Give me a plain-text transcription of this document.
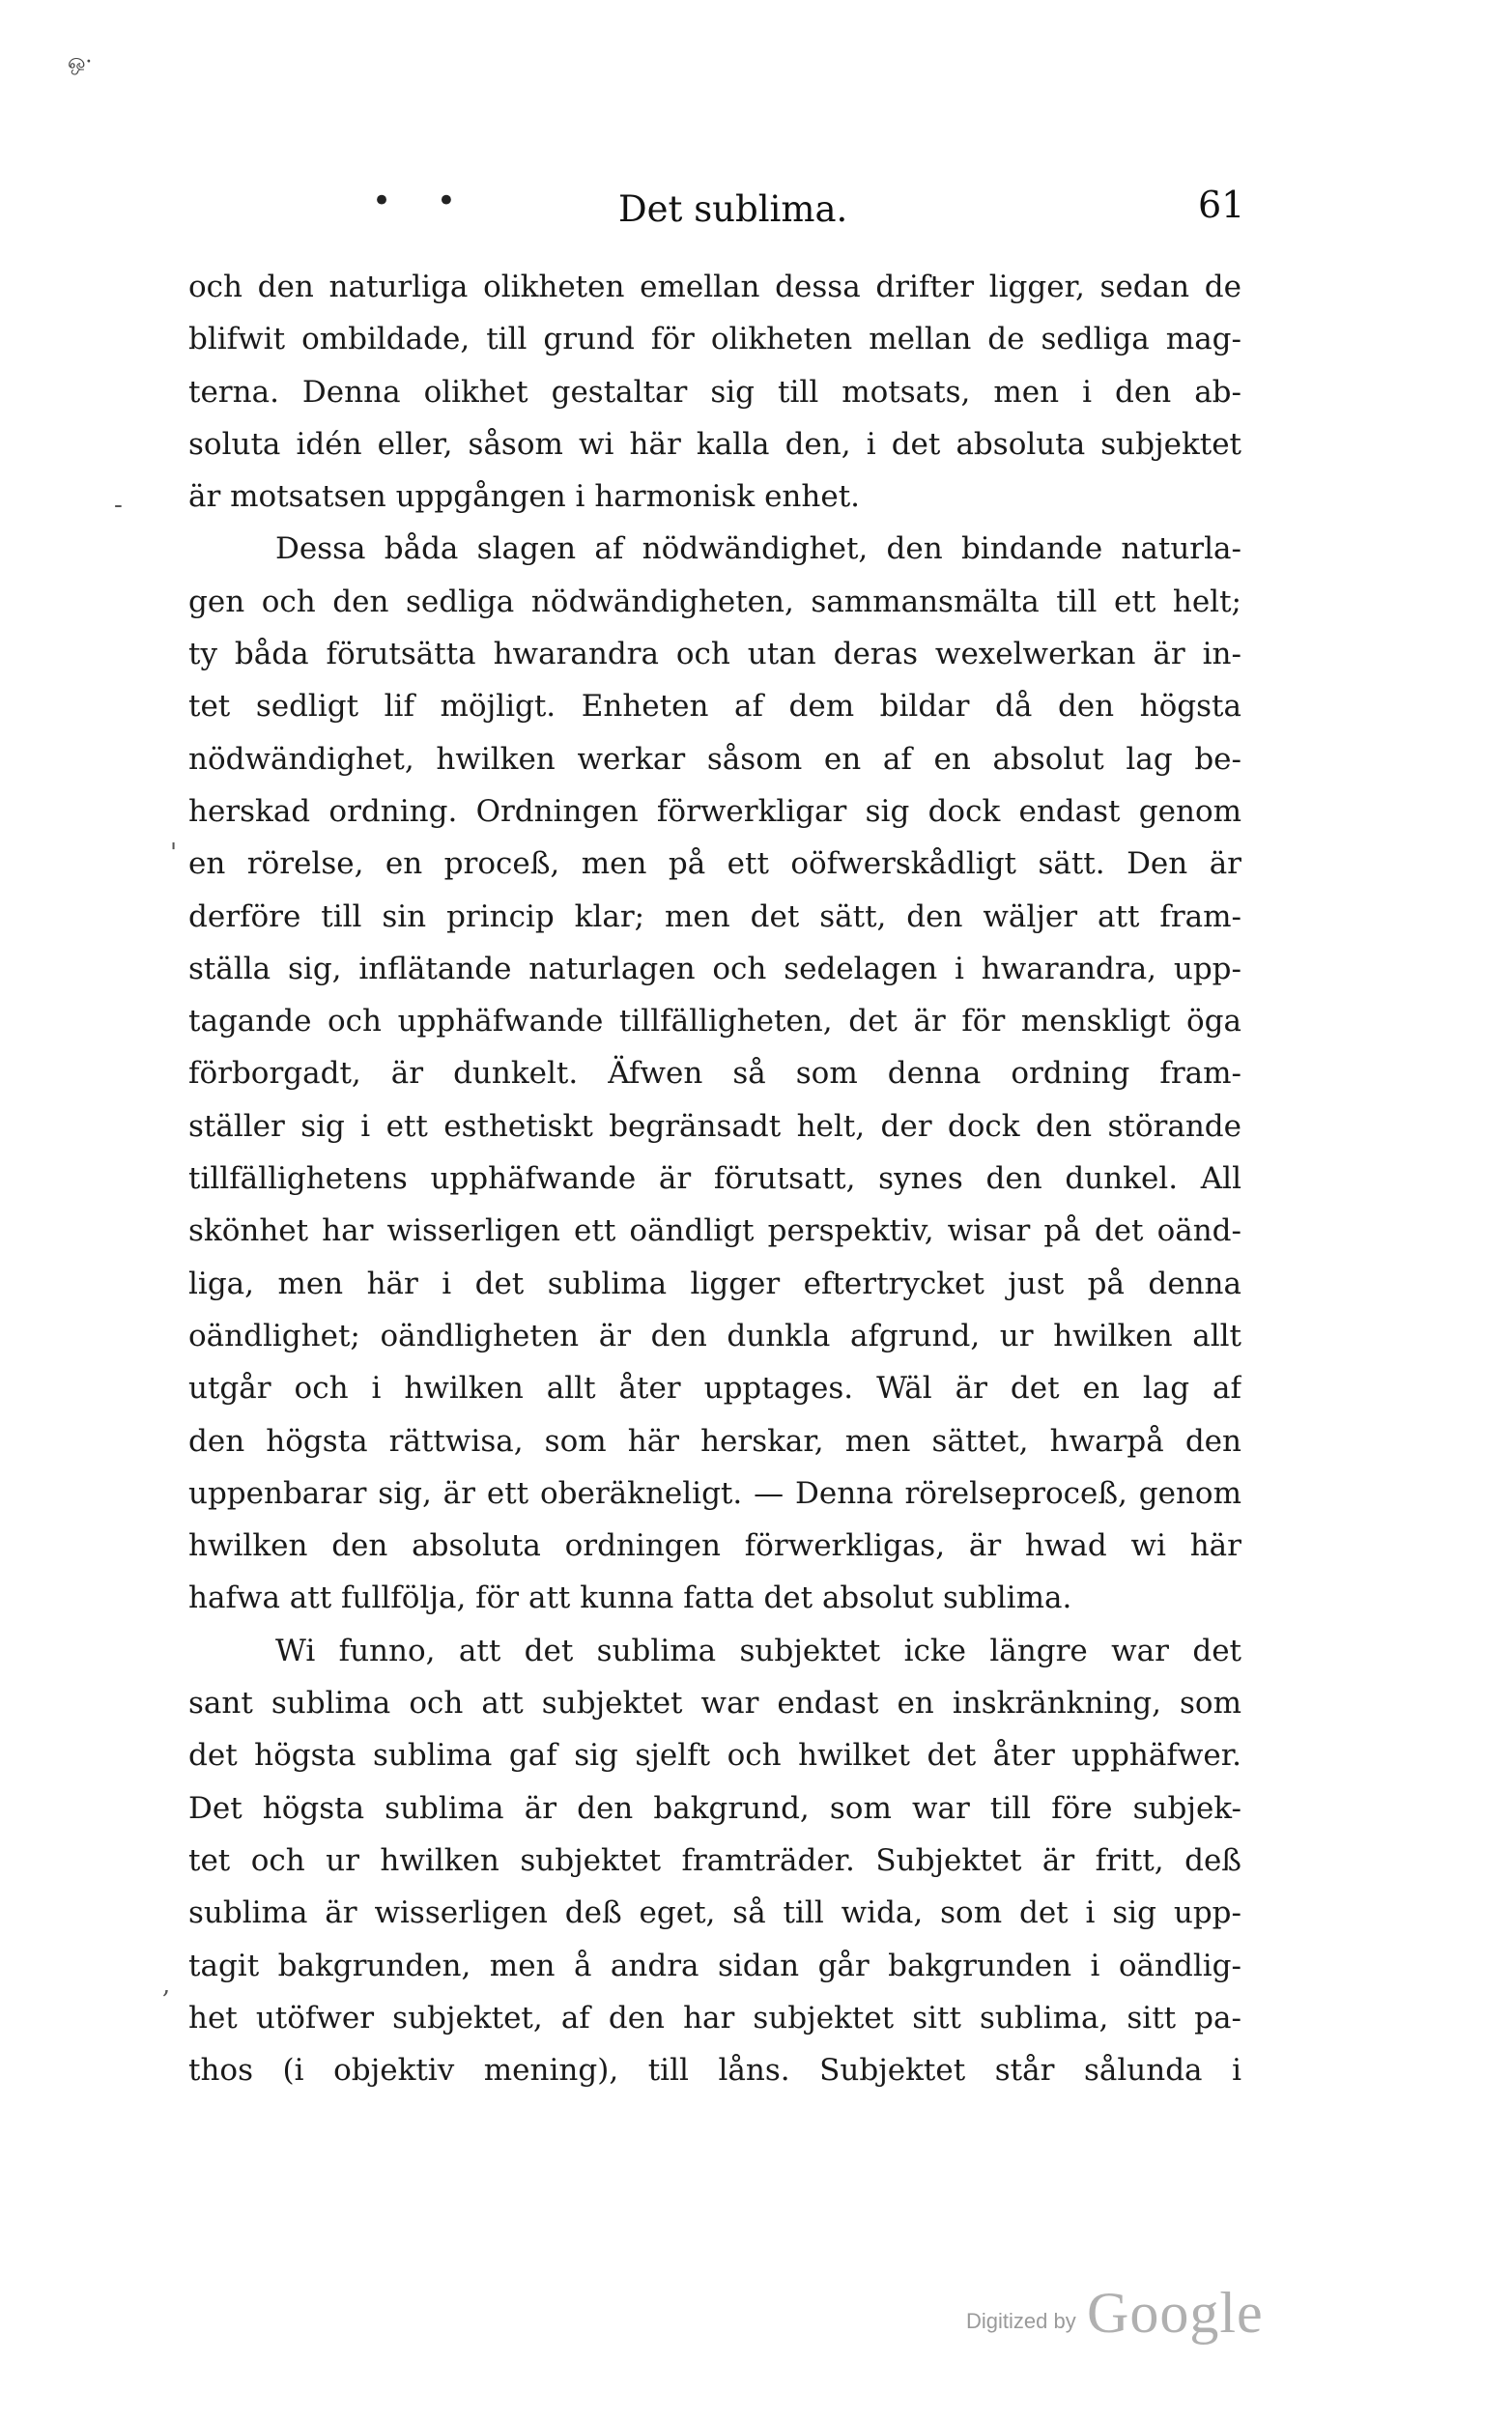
ஒ·
• •	Det sublima.	61
-
'
,
och den naturliga olikheten emellan dessa drifter ligger, sedan de
blifwit ombildade, till grund för olikheten mellan de sedliga mag-
terna. Denna olikhet gestaltar sig till motsats, men i den ab-
soluta idén eller, såsom wi här kalla den, i det absoluta subjektet
är motsatsen uppgången i harmonisk enhet.
Dessa båda slagen af nödwändighet, den bindande naturla-
gen och den sedliga nödwändigheten, sammansmälta till ett helt;
ty båda förutsätta hwarandra och utan deras wexelwerkan är in-
tet sedligt lif möjligt. Enheten af dem bildar då den högsta
nödwändighet, hwilken werkar såsom en af en absolut lag be-
herskad ordning. Ordningen förwerkligar sig dock endast genom
en rörelse, en proceß, men på ett oöfwerskådligt sätt. Den är
derföre till sin princip klar; men det sätt, den wäljer att fram-
ställa sig, inflätande naturlagen och sedelagen i hwarandra, upp-
tagande och upphäfwande tillfälligheten, det är för menskligt öga
förborgadt, är dunkelt. Äfwen så som denna ordning fram-
ställer sig i ett esthetiskt begränsadt helt, der dock den störande
tillfällighetens upphäfwande är förutsatt, synes den dunkel. All
skönhet har wisserligen ett oändligt perspektiv, wisar på det oänd-
liga, men här i det sublima ligger eftertrycket just på denna
oändlighet; oändligheten är den dunkla afgrund, ur hwilken allt
utgår och i hwilken allt åter upptages. Wäl är det en lag af
den högsta rättwisa, som här herskar, men sättet, hwarpå den
uppenbarar sig, är ett oberäkneligt. — Denna rörelseproceß, genom
hwilken den absoluta ordningen förwerkligas, är hwad wi här
hafwa att fullfölja, för att kunna fatta det absolut sublima.
Wi funno, att det sublima subjektet icke längre war det
sant sublima och att subjektet war endast en inskränkning, som
det högsta sublima gaf sig sjelft och hwilket det åter upphäfwer.
Det högsta sublima är den bakgrund, som war till före subjek-
tet och ur hwilken subjektet framträder. Subjektet är fritt, deß
sublima är wisserligen deß eget, så till wida, som det i sig upp-
tagit bakgrunden, men å andra sidan går bakgrunden i oändlig-
het utöfwer subjektet, af den har subjektet sitt sublima, sitt pa-
thos (i objektiv mening), till låns. Subjektet står sålunda i
Digitized by Google
